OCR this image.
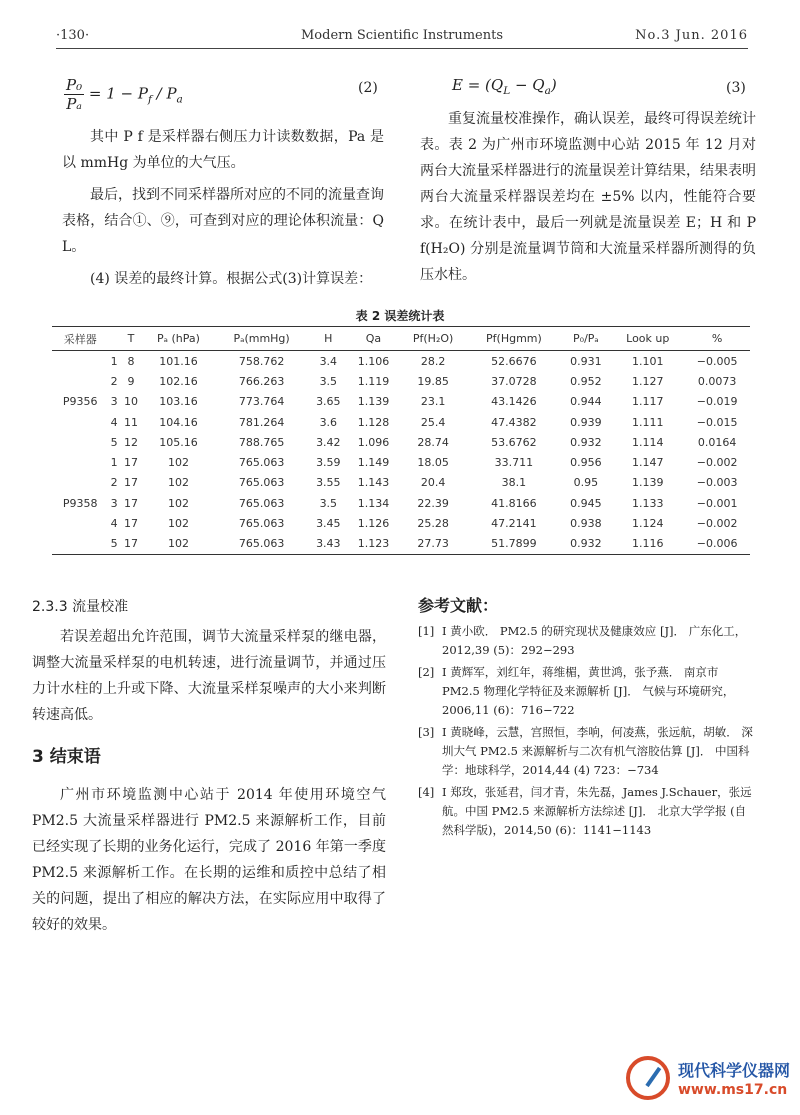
·130·	Modern Scientific Instruments	No.3 Jun. 2016
$\frac{\text{P₀}}{\text{Pₐ}} = 1 - P_f / P_a$
(2)

其中 P f 是采样器右侧压力计读数数据，Pa 是以 mmHg 为单位的大气压。

最后，找到不同采样器所对应的不同的流量查询表格，结合①、⑨，可查到对应的理论体积流量：Q L。

(4) 误差的最终计算。根据公式(3)计算误差：

$E = (Q_L - Q_a)$	(3)

重复流量校准操作，确认误差，最终可得误差统计表。表 2 为广州市环境监测中心站 2015 年 12 月对两台大流量采样器进行的流量误差计算结果，结果表明两台大流量采样器误差均在 ±5% 以内，性能符合要求。在统计表中，最后一列就是流量误差 E；H 和 P f(H₂O) 分别是流量调节筒和大流量采样器所测得的负压水柱。

表 2 误差统计表
采样器		T	Pₐ (hPa)	Pₐ(mmHg)	H	Qa	Pf(H₂O)	Pf(Hgmm)	P₀/Pₐ	Look up	%
P9356	1	8	101.16	758.762	3.4	1.106	28.2	52.6676	0.931	1.101	−0.005
	2	9	102.16	766.263	3.5	1.119	19.85	37.0728	0.952	1.127	0.0073
	3	10	103.16	773.764	3.65	1.139	23.1	43.1426	0.944	1.117	−0.019
	4	11	104.16	781.264	3.6	1.128	25.4	47.4382	0.939	1.111	−0.015
	5	12	105.16	788.765	3.42	1.096	28.74	53.6762	0.932	1.114	0.0164
P9358	1	17	102	765.063	3.59	1.149	18.05	33.711	0.956	1.147	−0.002
	2	17	102	765.063	3.55	1.143	20.4	38.1	0.95	1.139	−0.003
	3	17	102	765.063	3.5	1.134	22.39	41.8166	0.945	1.133	−0.001
	4	17	102	765.063	3.45	1.126	25.28	47.2141	0.938	1.124	−0.002
	5	17	102	765.063	3.43	1.123	27.73	51.7899	0.932	1.116	−0.006
2.3.3 流量校准

若误差超出允许范围，调节大流量采样泵的继电器，调整大流量采样泵的电机转速，进行流量调节，并通过压力计水柱的上升或下降、大流量采样泵噪声的大小来判断转速高低。

3 结束语

广州市环境监测中心站于 2014 年使用环境空气 PM2.5 大流量采样器进行 PM2.5 来源解析工作，目前已经实现了长期的业务化运行，完成了 2016 年第一季度 PM2.5 来源解析工作。在长期的运维和质控中总结了相关的问题，提出了相应的解决方法，在实际应用中取得了较好的效果。

参考文献：
[1] I 黄小欧． PM2.5 的研究现状及健康效应 [J]． 广东化工，2012,39 (5)：292−293
[2] I 黄辉军，刘红年，蒋维楣，黄世鸿，张予燕． 南京市 PM2.5 物理化学特征及来源解析 [J]． 气候与环境研究，2006,11 (6)：716−722
[3] I 黄晓峰，云慧，宫照恒，李响，何凌燕，张远航，胡敏． 深圳大气 PM2.5 来源解析与二次有机气溶胶估算 [J]． 中国科学：地球科学，2014,44 (4) 723：−734
[4] I 郑玫，张延君，闫才青，朱先磊，James J.Schauer，张远航。中国 PM2.5 来源解析方法综述 [J]． 北京大学学报 (自然科学版)，2014,50 (6)：1141−1143
现代科学仪器网
www.ms17.cn
